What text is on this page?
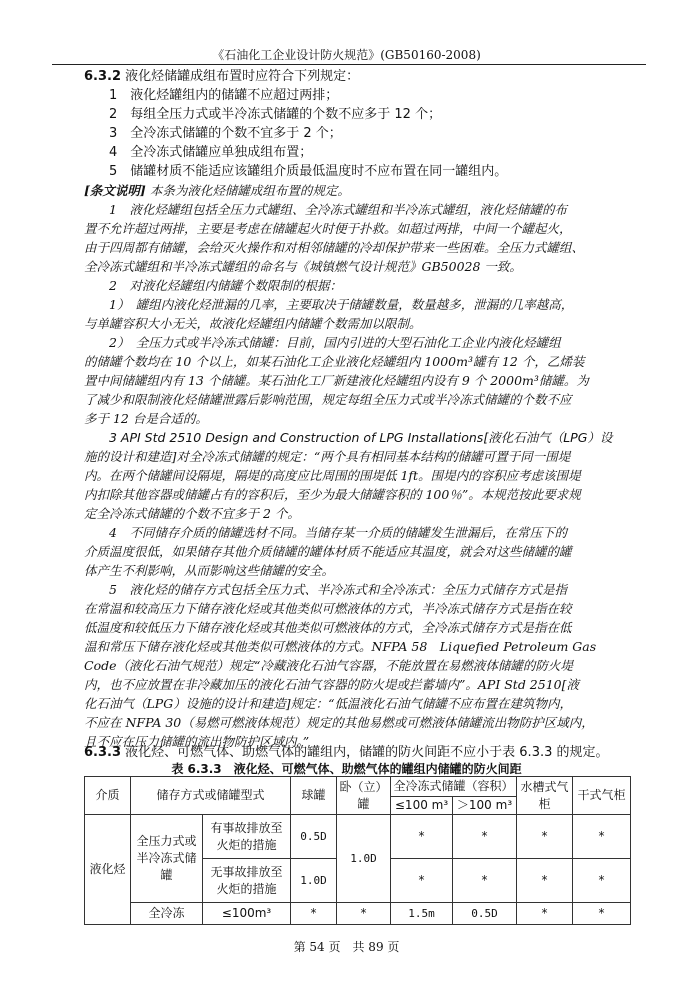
《石油化工企业设计防火规范》(GB50160-2008)
6.3.2 液化烃储罐成组布置时应符合下列规定：
1　液化烃罐组内的储罐不应超过两排；
2　每组全压力式或半冷冻式储罐的个数不应多于 12 个；
3　全冷冻式储罐的个数不宜多于 2 个；
4　全冷冻式储罐应单独成组布置；
5　储罐材质不能适应该罐组介质最低温度时不应布置在同一罐组内。
[条文说明] 本条为液化烃储罐成组布置的规定。
1　液化烃罐组包括全压力式罐组、全冷冻式罐组和半冷冻式罐组，液化烃储罐的布
置不允许超过两排，主要是考虑在储罐起火时便于扑救。如超过两排，中间一个罐起火，
由于四周都有储罐，会给灭火操作和对相邻储罐的冷却保护带来一些困难。全压力式罐组、
全冷冻式罐组和半冷冻式罐组的命名与《城镇燃气设计规范》GB50028 一致。
2　对液化烃罐组内储罐个数限制的根据：
1）　罐组内液化烃泄漏的几率，主要取决于储罐数量，数量越多，泄漏的几率越高，
与单罐容积大小无关，故液化烃罐组内储罐个数需加以限制。
2）　全压力式或半冷冻式储罐：目前，国内引进的大型石油化工企业内液化烃罐组
的储罐个数均在 10 个以上，如某石油化工企业液化烃罐组内 1000m³罐有 12 个，乙烯装
置中间储罐组内有 13 个储罐。某石油化工厂新建液化烃罐组内设有 9 个 2000m³储罐。为
了减少和限制液化烃储罐泄露后影响范围，规定每组全压力式或半冷冻式储罐的个数不应
多于 12 台是合适的。
3 API Std 2510 Design and Construction of LPG Installations[液化石油气（LPG）设
施的设计和建造]对全冷冻式储罐的规定：“两个具有相同基本结构的储罐可置于同一围堤
内。在两个储罐间设隔堤，隔堤的高度应比周围的围堤低 1ft。围堤内的容积应考虑该围堤
内扣除其他容器或储罐占有的容积后，至少为最大储罐容积的 100％”。本规范按此要求规
定全冷冻式储罐的个数不宜多于 2 个。
4　不同储存介质的储罐选材不同。当储存某一介质的储罐发生泄漏后，在常压下的
介质温度很低，如果储存其他介质储罐的罐体材质不能适应其温度，就会对这些储罐的罐
体产生不利影响，从而影响这些储罐的安全。
5　液化烃的储存方式包括全压力式、半冷冻式和全冷冻式：全压力式储存方式是指
在常温和较高压力下储存液化烃或其他类似可燃液体的方式，半冷冻式储存方式是指在较
低温度和较低压力下储存液化烃或其他类似可燃液体的方式，全冷冻式储存方式是指在低
温和常压下储存液化烃或其他类似可燃液体的方式。NFPA 58　Liquefied Petroleum Gas
Code（液化石油气规范）规定“冷藏液化石油气容器，不能放置在易燃液体储罐的防火堤
内，也不应放置在非冷藏加压的液化石油气容器的防火堤或拦蓄墙内”。API Std 2510[液
化石油气（LPG）设施的设计和建造]规定：“低温液化石油气储罐不应布置在建筑物内，
不应在 NFPA 30（易燃可燃液体规范）规定的其他易燃或可燃液体储罐流出物防护区域内，
且不应在压力储罐的流出物防护区域内。”
6.3.3 液化烃、可燃气体、助燃气体的罐组内，储罐的防火间距不应小于表 6.3.3 的规定。
表 6.3.3　液化烃、可燃气体、助燃气体的罐组内储罐的防火间距
介质	储存方式或储罐型式		球罐	卧（立）罐	全冷冻式储罐（容积）		水槽式气柜	干式气柜
					≤100 m³	＞100 m³		
液化烃	全压力式或半冷冻式储罐	有事故排放至火炬的措施	0.5D	1.0D	*	*	*	*
		无事故排放至火炬的措施	1.0D		*	*	*	*
	全冷冻	≤100m³	*	*	1.5m	0.5D	*	*
第 54 页　共 89 页
